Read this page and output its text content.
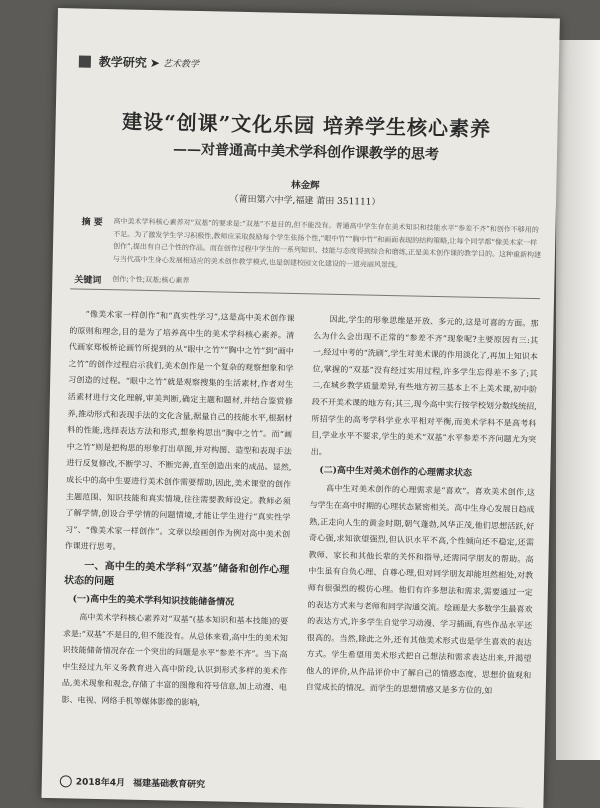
教学研究 ➤ 艺术教学
建设“创课”文化乐园 培养学生核心素养
——对普通高中美术学科创作课教学的思考
林金辉
（莆田第六中学,福建 莆田 351111）
摘 要 高中美术学科核心素养对“双基”的要求是:“双基”不是目的,但不能没有。普通高中学生存在美术知识和技能水平“参差不齐”和创作不够用的不足。为了激发学生学习积极性,教师应采取鼓励每个学生张扬个性,“眼中竹”“胸中竹”和画面表现的结构策略,让每个同学都“像美术家一样创作”,提出有自己个性的作品。而在创作过程中学生的一系列知识、技能与态度得到综合和磨练,正是美术创作课的教学目的。这种重新构建与当代高中生身心发展相适应的美术创作教学模式,也是创建校园文化建设的一道亮丽风景线。
关键词 创作;个性;双基;核心素养

“像美术家一样创作”和“真实性学习”,这是高中美术创作课的原则和理念,目的是为了培养高中生的美术学科核心素养。清代画家郑板桥论画竹所提到的从“眼中之竹”“胸中之竹”到“画中之竹”的创作过程启示我们,美术创作是一个复杂的观察想象和学习创造的过程。“眼中之竹”就是观察搜集的生活素材,作者对生活素材进行文化理解,审美判断,确定主题和题材,并结合鉴赏修养,推动形式和表现手法的文化含量,据量自己的技能水平,根据材料的性能,选择表达方法和形式,想象构思出“胸中之竹”。而“画中之竹”则是把构思的形象打出草图,并对构图、造型和表现手法进行反复修改,不断学习、不断完善,直至创造出来的成品。显然,成长中的高中生要进行美术创作需要帮助,因此,美术课堂的创作主题范围、知识技能和真实情境,往往需要教师设定。教师必须了解学情,创设合乎学情的问题情境,才能让学生进行“真实性学习”、“像美术家一样创作”。文章以绘画创作为例对高中美术创作课进行思考。

一、高中生的美术学科“双基”储备和创作心理状态的问题
(一)高中生的美术学科知识技能储备情况

高中美术学科核心素养对“双基”(基本知识和基本技能)的要求是:“双基”不是目的,但不能没有。从总体来看,高中生的美术知识技能储备情况存在一个突出的问题是水平“参差不齐”。当下高中生经过九年义务教育进入高中阶段,认识到形式多样的美术作品,美术现象和观念,存储了丰富的图像和符号信息,加上动漫、电影、电视、网络手机等媒体影像的影响,

因此,学生的形象思维是开放、多元的,这是可喜的方面。那么为什么会出现不正常的“参差不齐”现象呢?主要原因有三:其一,经过中考的“洗刷”,学生对美术课的作用淡化了,再加上知识本位,掌握的“双基”没有经过实用过程,许多学生忘得差不多了;其二,在城乡教学质量差异,有些地方初三基本上不上美术课,初中阶段不开美术课的地方有;其三,现今高中实行按学校划分数线统招,所招学生的高考学科学业水平相对平衡,而美术学科不是高考科目,学业水平不要求,学生的美术“双基”水平参差不齐问题尤为突出。

(二)高中生对美术创作的心理需求状态

高中生对美术创作的心理需求是“喜欢”。喜欢美术创作,这与学生在高中时期的心理状态紧密相关。高中生身心发展日趋成熟,正走向人生的黄金时期,朝气蓬勃,风华正茂,他们思想活跃,好奇心强,求知欲望强烈,但认识水平不高,个性倾向还不稳定,还需教师、家长和其他长辈的关怀和指导,还需同学朋友的帮助。高中生虽有自负心理、自尊心理,但对同学朋友却能坦然相处,对教师有很强烈的模仿心理。他们有许多想法和需求,需要通过一定的表达方式来与老师和同学沟通交流。绘画是大多数学生最喜欢的表达方式,许多学生自觉学习动漫、学习插画,有些作品水平还很高的。当然,除此之外,还有其他美术形式也是学生喜欢的表达方式。学生希望用美术形式把自己想法和需求表达出来,并渴望他人的评价,从作品评价中了解自己的情感态度、思想价值观和自觉成长的情况。而学生的思想情感又是多方位的,如

2018年4月 福建基础教育研究
